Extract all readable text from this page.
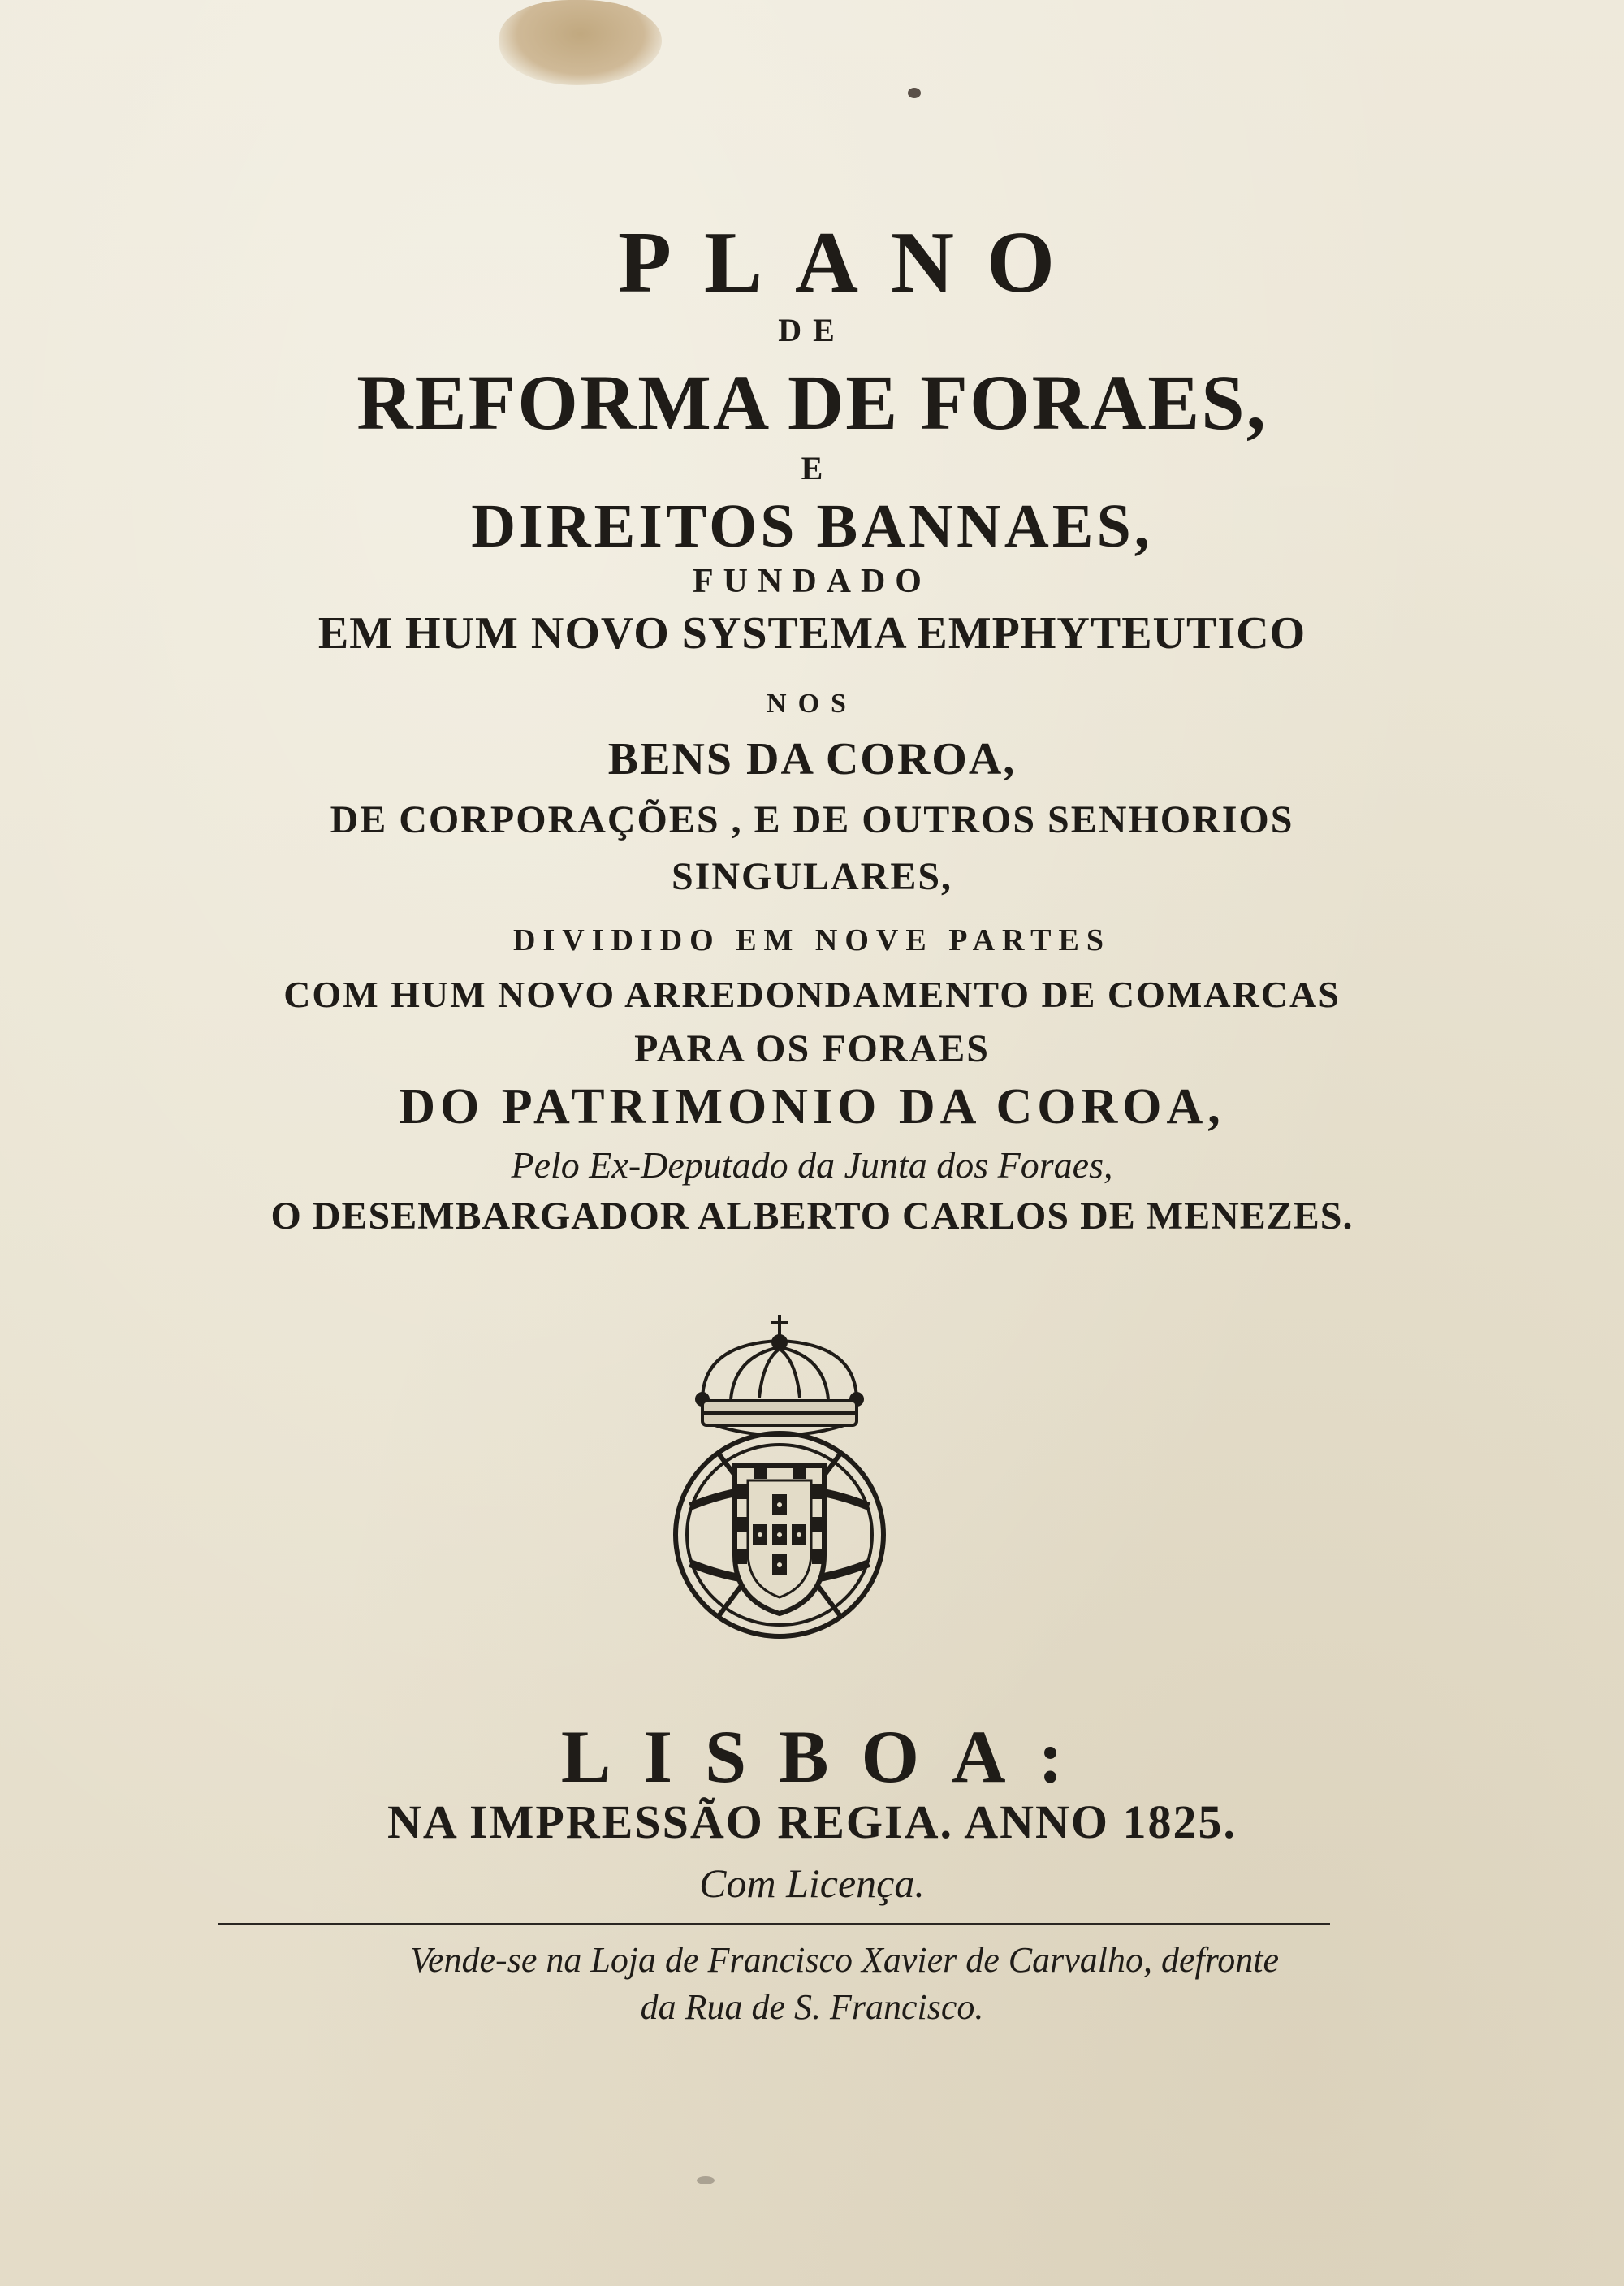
PLANO

DE

REFORMA DE FORAES,

E

DIREITOS BANNAES,

FUNDADO

EM HUM NOVO SYSTEMA EMPHYTEUTICO

NOS

BENS DA COROA,

DE CORPORAÇÕES , E DE OUTROS SENHORIOS

SINGULARES,

DIVIDIDO EM NOVE PARTES

COM HUM NOVO ARREDONDAMENTO DE COMARCAS

PARA OS FORAES

DO PATRIMONIO DA COROA,

Pelo Ex-Deputado da Junta dos Foraes,

O DESEMBARGADOR ALBERTO CARLOS DE MENEZES.

LISBOA:

NA IMPRESSÃO REGIA. ANNO 1825.

Com Licença.

Vende-se na Loja de Francisco Xavier de Carvalho, defronte

da Rua de S. Francisco.
